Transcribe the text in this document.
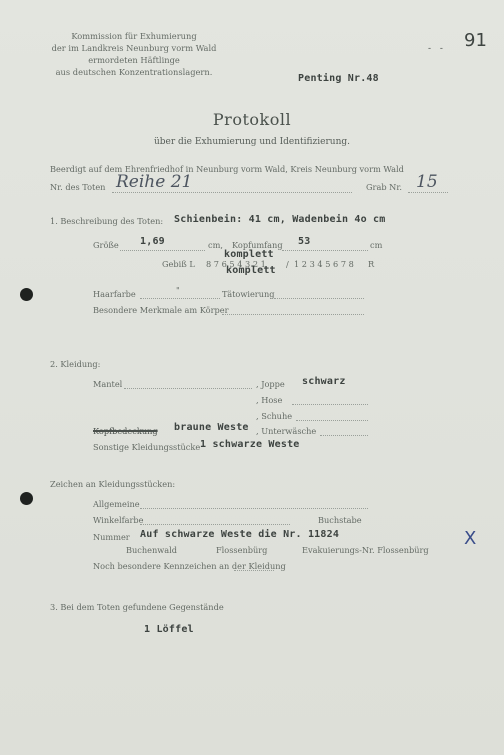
Kommission für Exhumierung
der im Landkreis Neunburg vorm Wald
ermordeten Häftlinge
aus deutschen Konzentrationslagern.
- - 91
Penting Nr.48
Protokoll
über die Exhumierung und Identifizierung.
Beerdigt auf dem Ehrenfriedhof in Neunburg vorm Wald, Kreis Neunburg vorm Wald
Nr. des Toten Reihe 21	Grab Nr. 15
1. Beschreibung des Toten: Schienbein: 41 cm, Wadenbein 4o cm
Größe 1,69	cm, Kopfumfang 53	cm
komplett
Gebiß L 8 7 6 5 4 3 2 1 / 1 2 3 4 5 6 7 8 R
komplett
Haarfarbe	"	Tätowierung
Besondere Merkmale am Körper
2. Kleidung:
Mantel	, Joppe schwarz
, Hose
, Schuhe
Kopfbedeckung braune Weste , Unterwäsche
Sonstige Kleidungsstücke 1 schwarze Weste
Zeichen an Kleidungsstücken:
Allgemeine
Winkelfarbe	Buchstabe
Nummer Auf schwarze Weste die Nr. 11824
Buchenwald	Flossenbürg	Evakuierungs-Nr. Flossenbürg
Noch besondere Kennzeichen an der Kleidung
X
3. Bei dem Toten gefundene Gegenstände
1 Löffel
